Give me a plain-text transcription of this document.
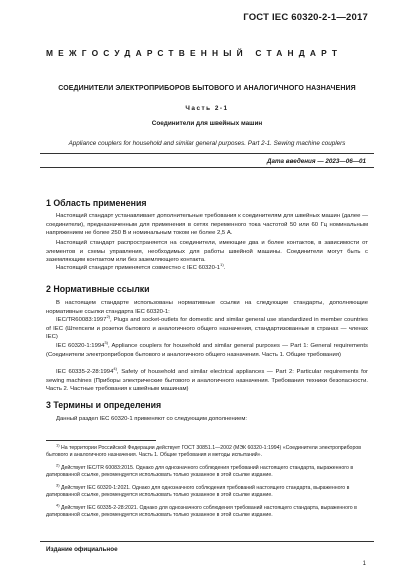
ГОСТ IEC 60320-2-1—2017
МЕЖГОСУДАРСТВЕННЫЙ СТАНДАРТ
СОЕДИНИТЕЛИ ЭЛЕКТРОПРИБОРОВ БЫТОВОГО И АНАЛОГИЧНОГО НАЗНАЧЕНИЯ
Часть 2-1
Соединители для швейных машин
Appliance couplers for household and similar general purposes. Part 2-1. Sewing machine couplers
Дата введения — 2023—06—01
1 Область применения
Настоящий стандарт устанавливает дополнительные требования к соединителям для швейных машин (далее — соединители), предназначенным для применения в сетях переменного тока частотой 50 или 60 Гц номинальным напряжением не более 250 В и номинальным током не более 2,5 А.
Настоящий стандарт распространяется на соединители, имеющие два и более контактов, в зависимости от элементов и схемы управления, необходимых для работы швейной машины. Соединители могут быть с заземляющим контактом или без заземляющего контакта.
Настоящий стандарт применяется совместно с IEC 60320-1$^{1)}$.
2 Нормативные ссылки
В настоящем стандарте использованы нормативные ссылки на следующие стандарты, дополняющие нормативные ссылки стандарта IEC 60320-1:
IEC/TR60083:1997$^{2)}$, Plugs and socket-outlets for domestic and similar general use standardized in member countries of IEC (Штепсели и розетки бытового и аналогичного общего назначения, стандартизованные в странах — членах IEC)
IEC 60320-1:1994$^{3)}$, Appliance couplers for household and similar general purposes — Part 1: General requirements (Соединители электроприборов бытового и аналогичного общего назначения. Часть 1. Общие требования)
IEC 60335-2-28:1994$^{4)}$, Safety of household and similar electrical appliances — Part 2: Particular requirements for sewing machines (Приборы электрические бытового и аналогичного назначения. Требования техники безопасности. Часть 2. Частные требования к швейным машинам)
3 Термины и определения
Данный раздел IEC 60320-1 применяют со следующим дополнением:
$^{1)}$ На территории Российской Федерации действует ГОСТ 30851.1—2002 (МЭК 60320-1:1994) «Соединители электроприборов бытового и аналогичного назначения. Часть 1. Общие требования и методы испытаний».
$^{2)}$ Действует IEC/TR 60083:2015. Однако для однозначного соблюдения требований настоящего стандарта, выраженного в датированной ссылке, рекомендуется использовать только указанное в этой ссылке издание.
$^{3)}$ Действует IEC 60320-1:2021. Однако для однозначного соблюдения требований настоящего стандарта, выраженного в датированной ссылке, рекомендуется использовать только указанное в этой ссылке издание.
$^{4)}$ Действует IEC 60335-2-28:2021. Однако для однозначного соблюдения требований настоящего стандарта, выраженного в датированной ссылке, рекомендуется использовать только указанное в этой ссылке издание.
Издание официальное
1
